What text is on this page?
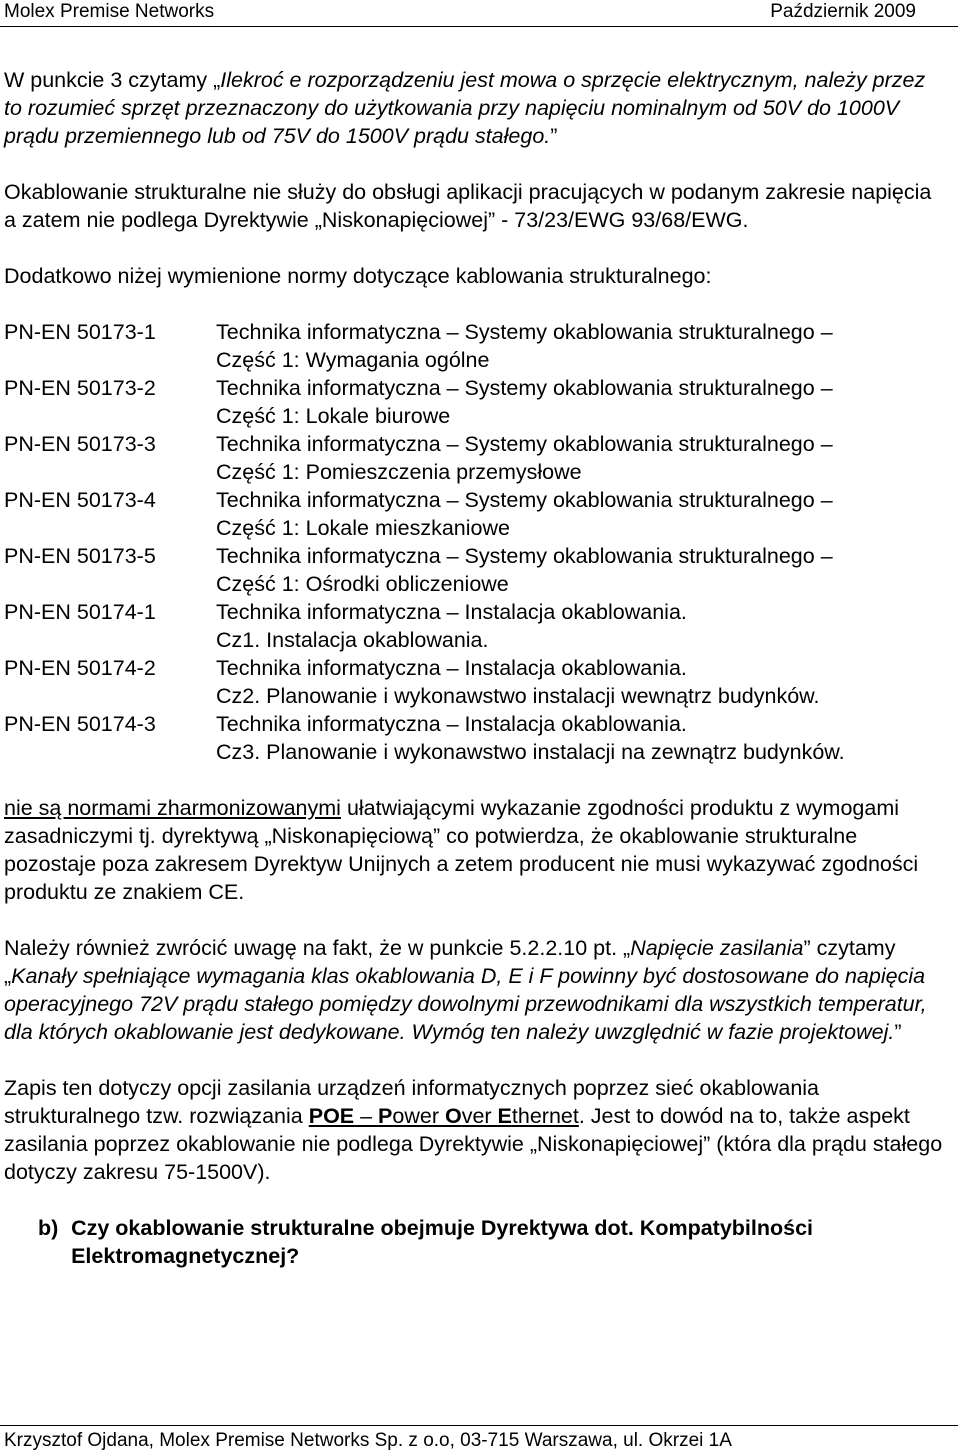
Molex Premise Networks	Październik 2009

W punkcie 3 czytamy „Ilekroć e rozporządzeniu jest mowa o sprzęcie elektrycznym, należy przez to rozumieć sprzęt przeznaczony do użytkowania przy napięciu nominalnym od 50V do 1000V prądu przemiennego lub od 75V do 1500V prądu stałego.”

Okablowanie strukturalne nie służy do obsługi aplikacji pracujących w podanym zakresie napięcia a zatem nie podlega Dyrektywie „Niskonapięciowej” - 73/23/EWG 93/68/EWG.

Dodatkowo niżej wymienione normy dotyczące kablowania strukturalnego:

PN-EN 50173-1	Technika informatyczna – Systemy okablowania strukturalnego –
Część 1: Wymagania ogólne

PN-EN 50173-2	Technika informatyczna – Systemy okablowania strukturalnego –
Część 1: Lokale biurowe

PN-EN 50173-3	Technika informatyczna – Systemy okablowania strukturalnego –
Część 1: Pomieszczenia przemysłowe

PN-EN 50173-4	Technika informatyczna – Systemy okablowania strukturalnego –
Część 1: Lokale mieszkaniowe

PN-EN 50173-5	Technika informatyczna – Systemy okablowania strukturalnego –
Część 1: Ośrodki obliczeniowe

PN-EN 50174-1	Technika informatyczna – Instalacja okablowania.
Cz1. Instalacja okablowania.

PN-EN 50174-2	Technika informatyczna – Instalacja okablowania.
Cz2. Planowanie i wykonawstwo instalacji wewnątrz budynków.

PN-EN 50174-3	Technika informatyczna – Instalacja okablowania.
Cz3. Planowanie i wykonawstwo instalacji na zewnątrz budynków.

nie są normami zharmonizowanymi ułatwiającymi wykazanie zgodności produktu z wymogami zasadniczymi tj. dyrektywą „Niskonapięciową” co potwierdza, że okablowanie strukturalne pozostaje poza zakresem Dyrektyw Unijnych a zetem producent nie musi wykazywać zgodności produktu ze znakiem CE.

Należy również zwrócić uwagę na fakt, że w punkcie 5.2.2.10 pt. „Napięcie zasilania” czytamy „Kanały spełniające wymagania klas okablowania D, E i F powinny być dostosowane do napięcia operacyjnego 72V prądu stałego pomiędzy dowolnymi przewodnikami dla wszystkich temperatur, dla których okablowanie jest dedykowane. Wymóg ten należy uwzględnić w fazie projektowej.”

Zapis ten dotyczy opcji zasilania urządzeń informatycznych poprzez sieć okablowania strukturalnego tzw. rozwiązania POE – Power Over Ethernet. Jest to dowód na to, także aspekt zasilania poprzez okablowanie nie podlega Dyrektywie „Niskonapięciowej” (która dla prądu stałego dotyczy zakresu 75-1500V).

b) Czy okablowanie strukturalne obejmuje Dyrektywa dot. Kompatybilności Elektromagnetycznej?
Krzysztof Ojdana, Molex Premise Networks Sp. z o.o, 03-715 Warszawa, ul. Okrzei 1A
